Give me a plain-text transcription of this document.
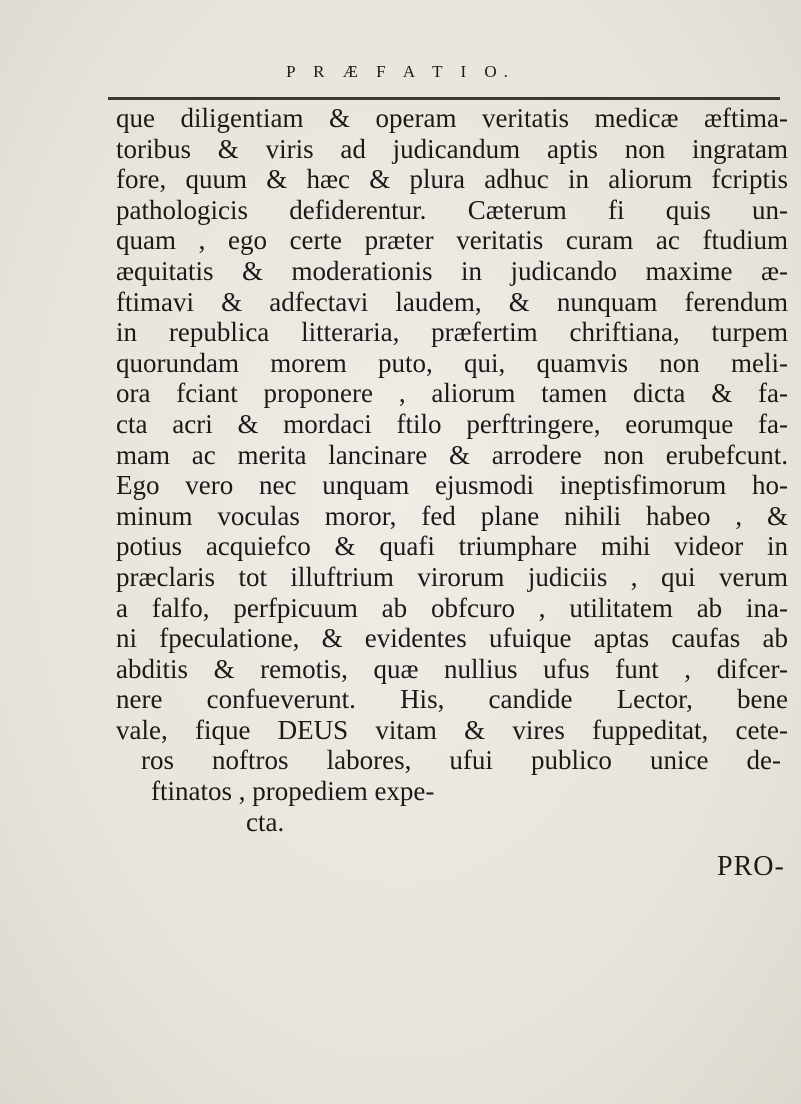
P R Æ F A T I O.
que diligentiam & operam veritatis medicæ æftima-
toribus & viris ad judicandum aptis non ingratam
fore, quum & hæc & plura adhuc in aliorum fcriptis
pathologicis defiderentur. Cæterum fi quis un-
quam , ego certe præter veritatis curam ac ftudium
æquitatis & moderationis in judicando maxime æ-
ftimavi & adfectavi laudem, & nunquam ferendum
in republica litteraria, præfertim chriftiana, turpem
quorundam morem puto, qui, quamvis non meli-
ora fciant proponere , aliorum tamen dicta & fa-
cta acri & mordaci ftilo perftringere, eorumque fa-
mam ac merita lancinare & arrodere non erubefcunt.
Ego vero nec unquam ejusmodi ineptisfimorum ho-
minum voculas moror, fed plane nihili habeo , &
potius acquiefco & quafi triumphare mihi videor in
præclaris tot illuftrium virorum judiciis , qui verum
a falfo, perfpicuum ab obfcuro , utilitatem ab ina-
ni fpeculatione, & evidentes ufuique aptas caufas ab
abditis & remotis, quæ nullius ufus funt , difcer-
nere confueverunt. His, candide Lector, bene
vale, fique DEUS vitam & vires fuppeditat, cete-
ros noftros labores, ufui publico unice de-
ftinatos , propediem expe-
cta.
PRO-
